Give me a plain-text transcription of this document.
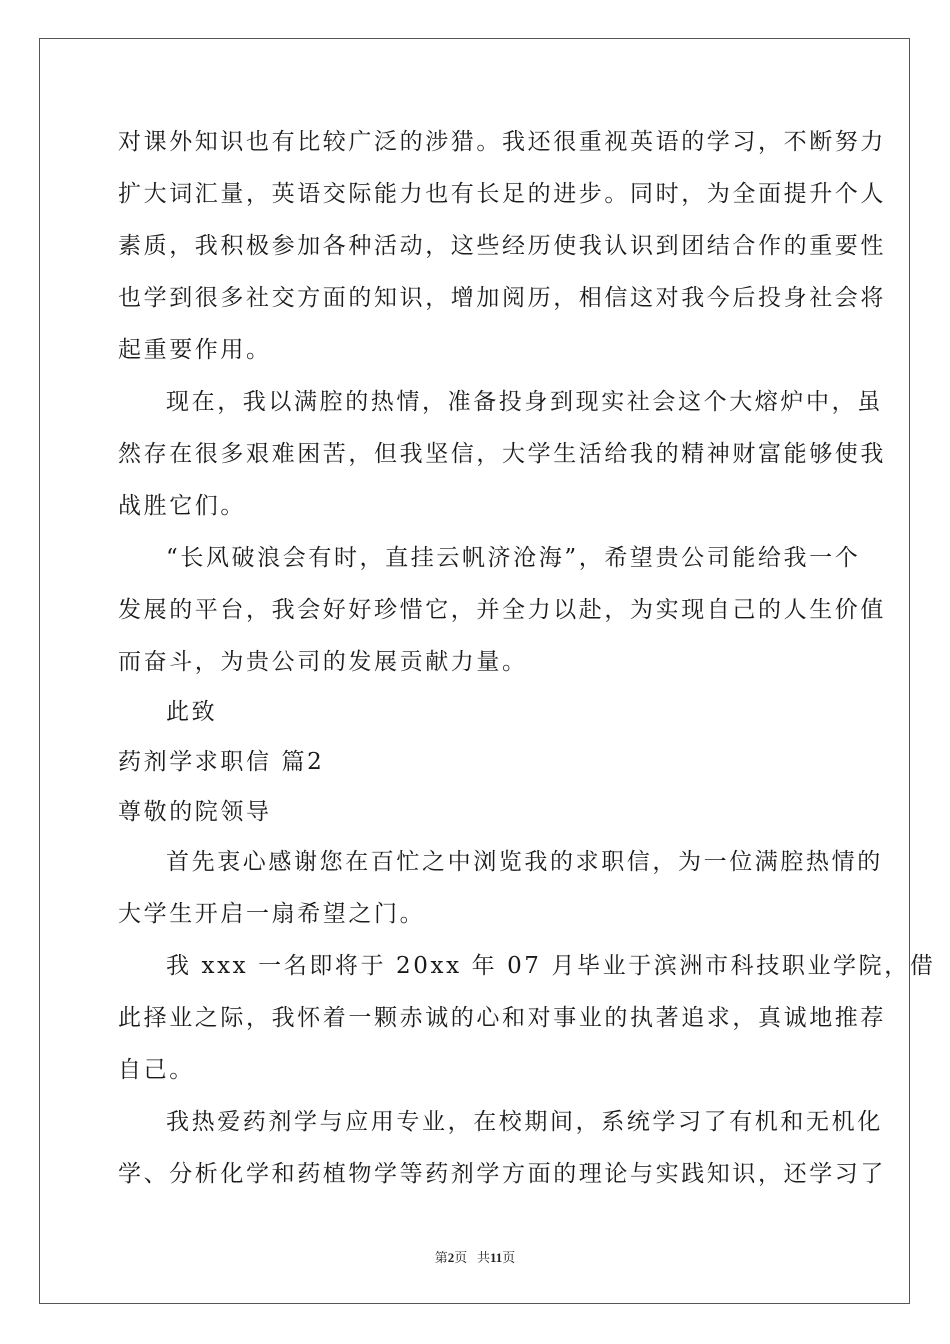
对课外知识也有比较广泛的涉猎。我还很重视英语的学习，不断努力
扩大词汇量，英语交际能力也有长足的进步。同时，为全面提升个人
素质，我积极参加各种活动，这些经历使我认识到团结合作的重要性
也学到很多社交方面的知识，增加阅历，相信这对我今后投身社会将
起重要作用。
现在，我以满腔的热情，准备投身到现实社会这个大熔炉中，虽
然存在很多艰难困苦，但我坚信，大学生活给我的精神财富能够使我
战胜它们。
“长风破浪会有时，直挂云帆济沧海”，希望贵公司能给我一个
发展的平台，我会好好珍惜它，并全力以赴，为实现自己的人生价值
而奋斗，为贵公司的发展贡献力量。
此致
药剂学求职信 篇2
尊敬的院领导
首先衷心感谢您在百忙之中浏览我的求职信，为一位满腔热情的
大学生开启一扇希望之门。
我 xxx 一名即将于 20xx 年 07 月毕业于滨洲市科技职业学院，借
此择业之际，我怀着一颗赤诚的心和对事业的执著追求，真诚地推荐
自己。
我热爱药剂学与应用专业，在校期间，系统学习了有机和无机化
学、分析化学和药植物学等药剂学方面的理论与实践知识，还学习了
第2页 共11页
